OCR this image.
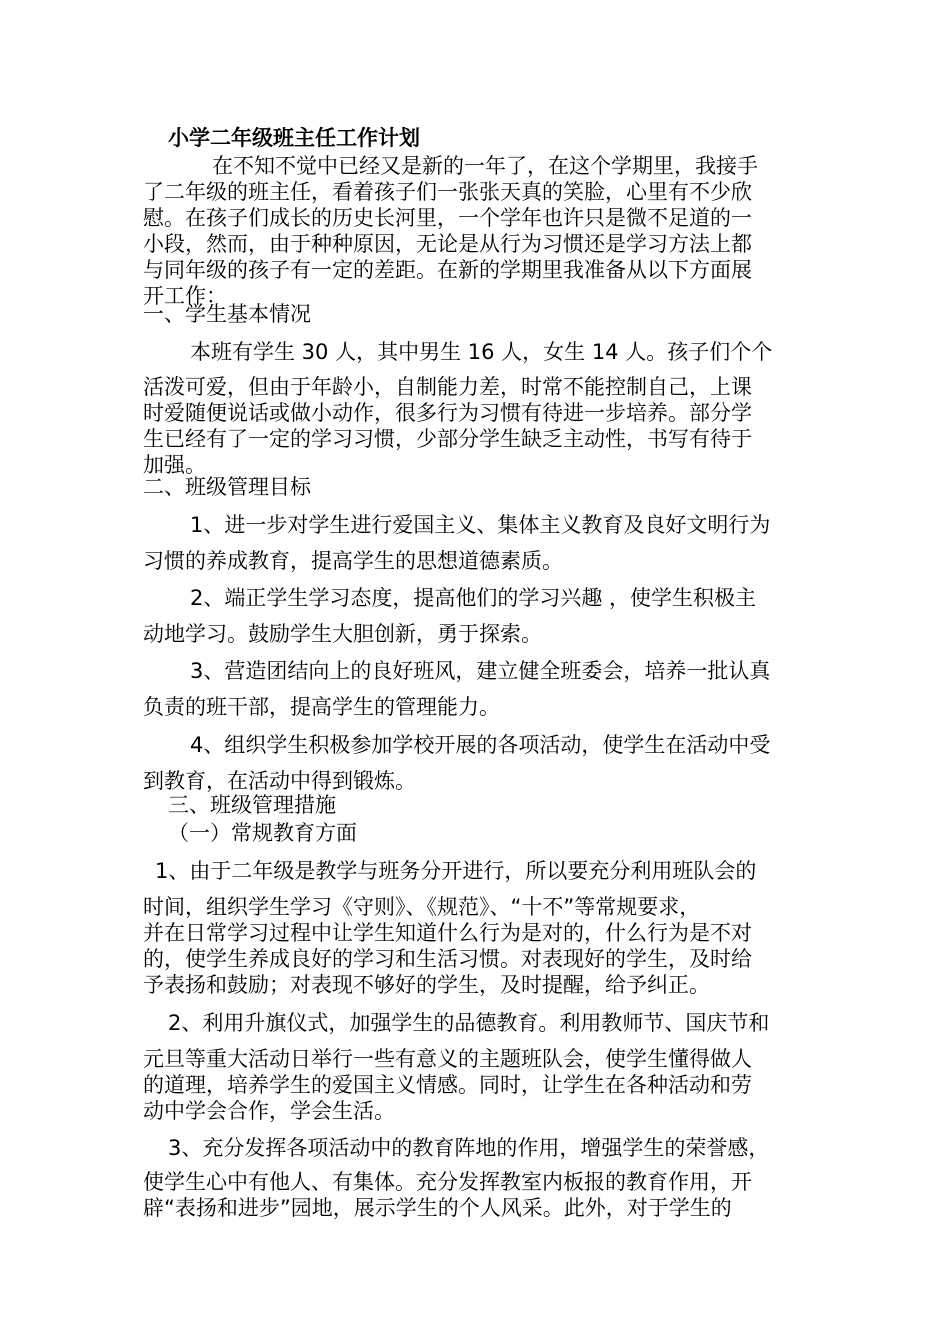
小学二年级班主任工作计划
在不知不觉中已经又是新的一年了，在这个学期里，我接手
了二年级的班主任，看着孩子们一张张天真的笑脸，心里有不少欣
慰。在孩子们成长的历史长河里，一个学年也许只是微不足道的一
小段，然而，由于种种原因，无论是从行为习惯还是学习方法上都
与同年级的孩子有一定的差距。在新的学期里我准备从以下方面展
开工作：
一、学生基本情况
本班有学生 30 人，其中男生 16 人，女生 14 人。孩子们个个
活泼可爱，但由于年龄小，自制能力差，时常不能控制自己，上课
时爱随便说话或做小动作，很多行为习惯有待进一步培养。部分学
生已经有了一定的学习习惯，少部分学生缺乏主动性，书写有待于
加强。
二、班级管理目标
1、进一步对学生进行爱国主义、集体主义教育及良好文明行为
习惯的养成教育，提高学生的思想道德素质。
2、端正学生学习态度，提高他们的学习兴趣 ，使学生积极主
动地学习。鼓励学生大胆创新，勇于探索。
3、营造团结向上的良好班风，建立健全班委会，培养一批认真
负责的班干部，提高学生的管理能力。
4、组织学生积极参加学校开展的各项活动，使学生在活动中受
到教育，在活动中得到锻炼。
三、班级管理措施
（一）常规教育方面
1、由于二年级是教学与班务分开进行，所以要充分利用班队会的
时间，组织学生学习《守则》、《规范》、“十不”等常规要求，
并在日常学习过程中让学生知道什么行为是对的，什么行为是不对
的，使学生养成良好的学习和生活习惯。对表现好的学生，及时给
予表扬和鼓励；对表现不够好的学生，及时提醒，给予纠正。
2、利用升旗仪式，加强学生的品德教育。利用教师节、国庆节和
元旦等重大活动日举行一些有意义的主题班队会，使学生懂得做人
的道理，培养学生的爱国主义情感。同时，让学生在各种活动和劳
动中学会合作，学会生活。
3、充分发挥各项活动中的教育阵地的作用，增强学生的荣誉感，
使学生心中有他人、有集体。充分发挥教室内板报的教育作用，开
辟“表扬和进步”园地，展示学生的个人风采。此外，对于学生的
